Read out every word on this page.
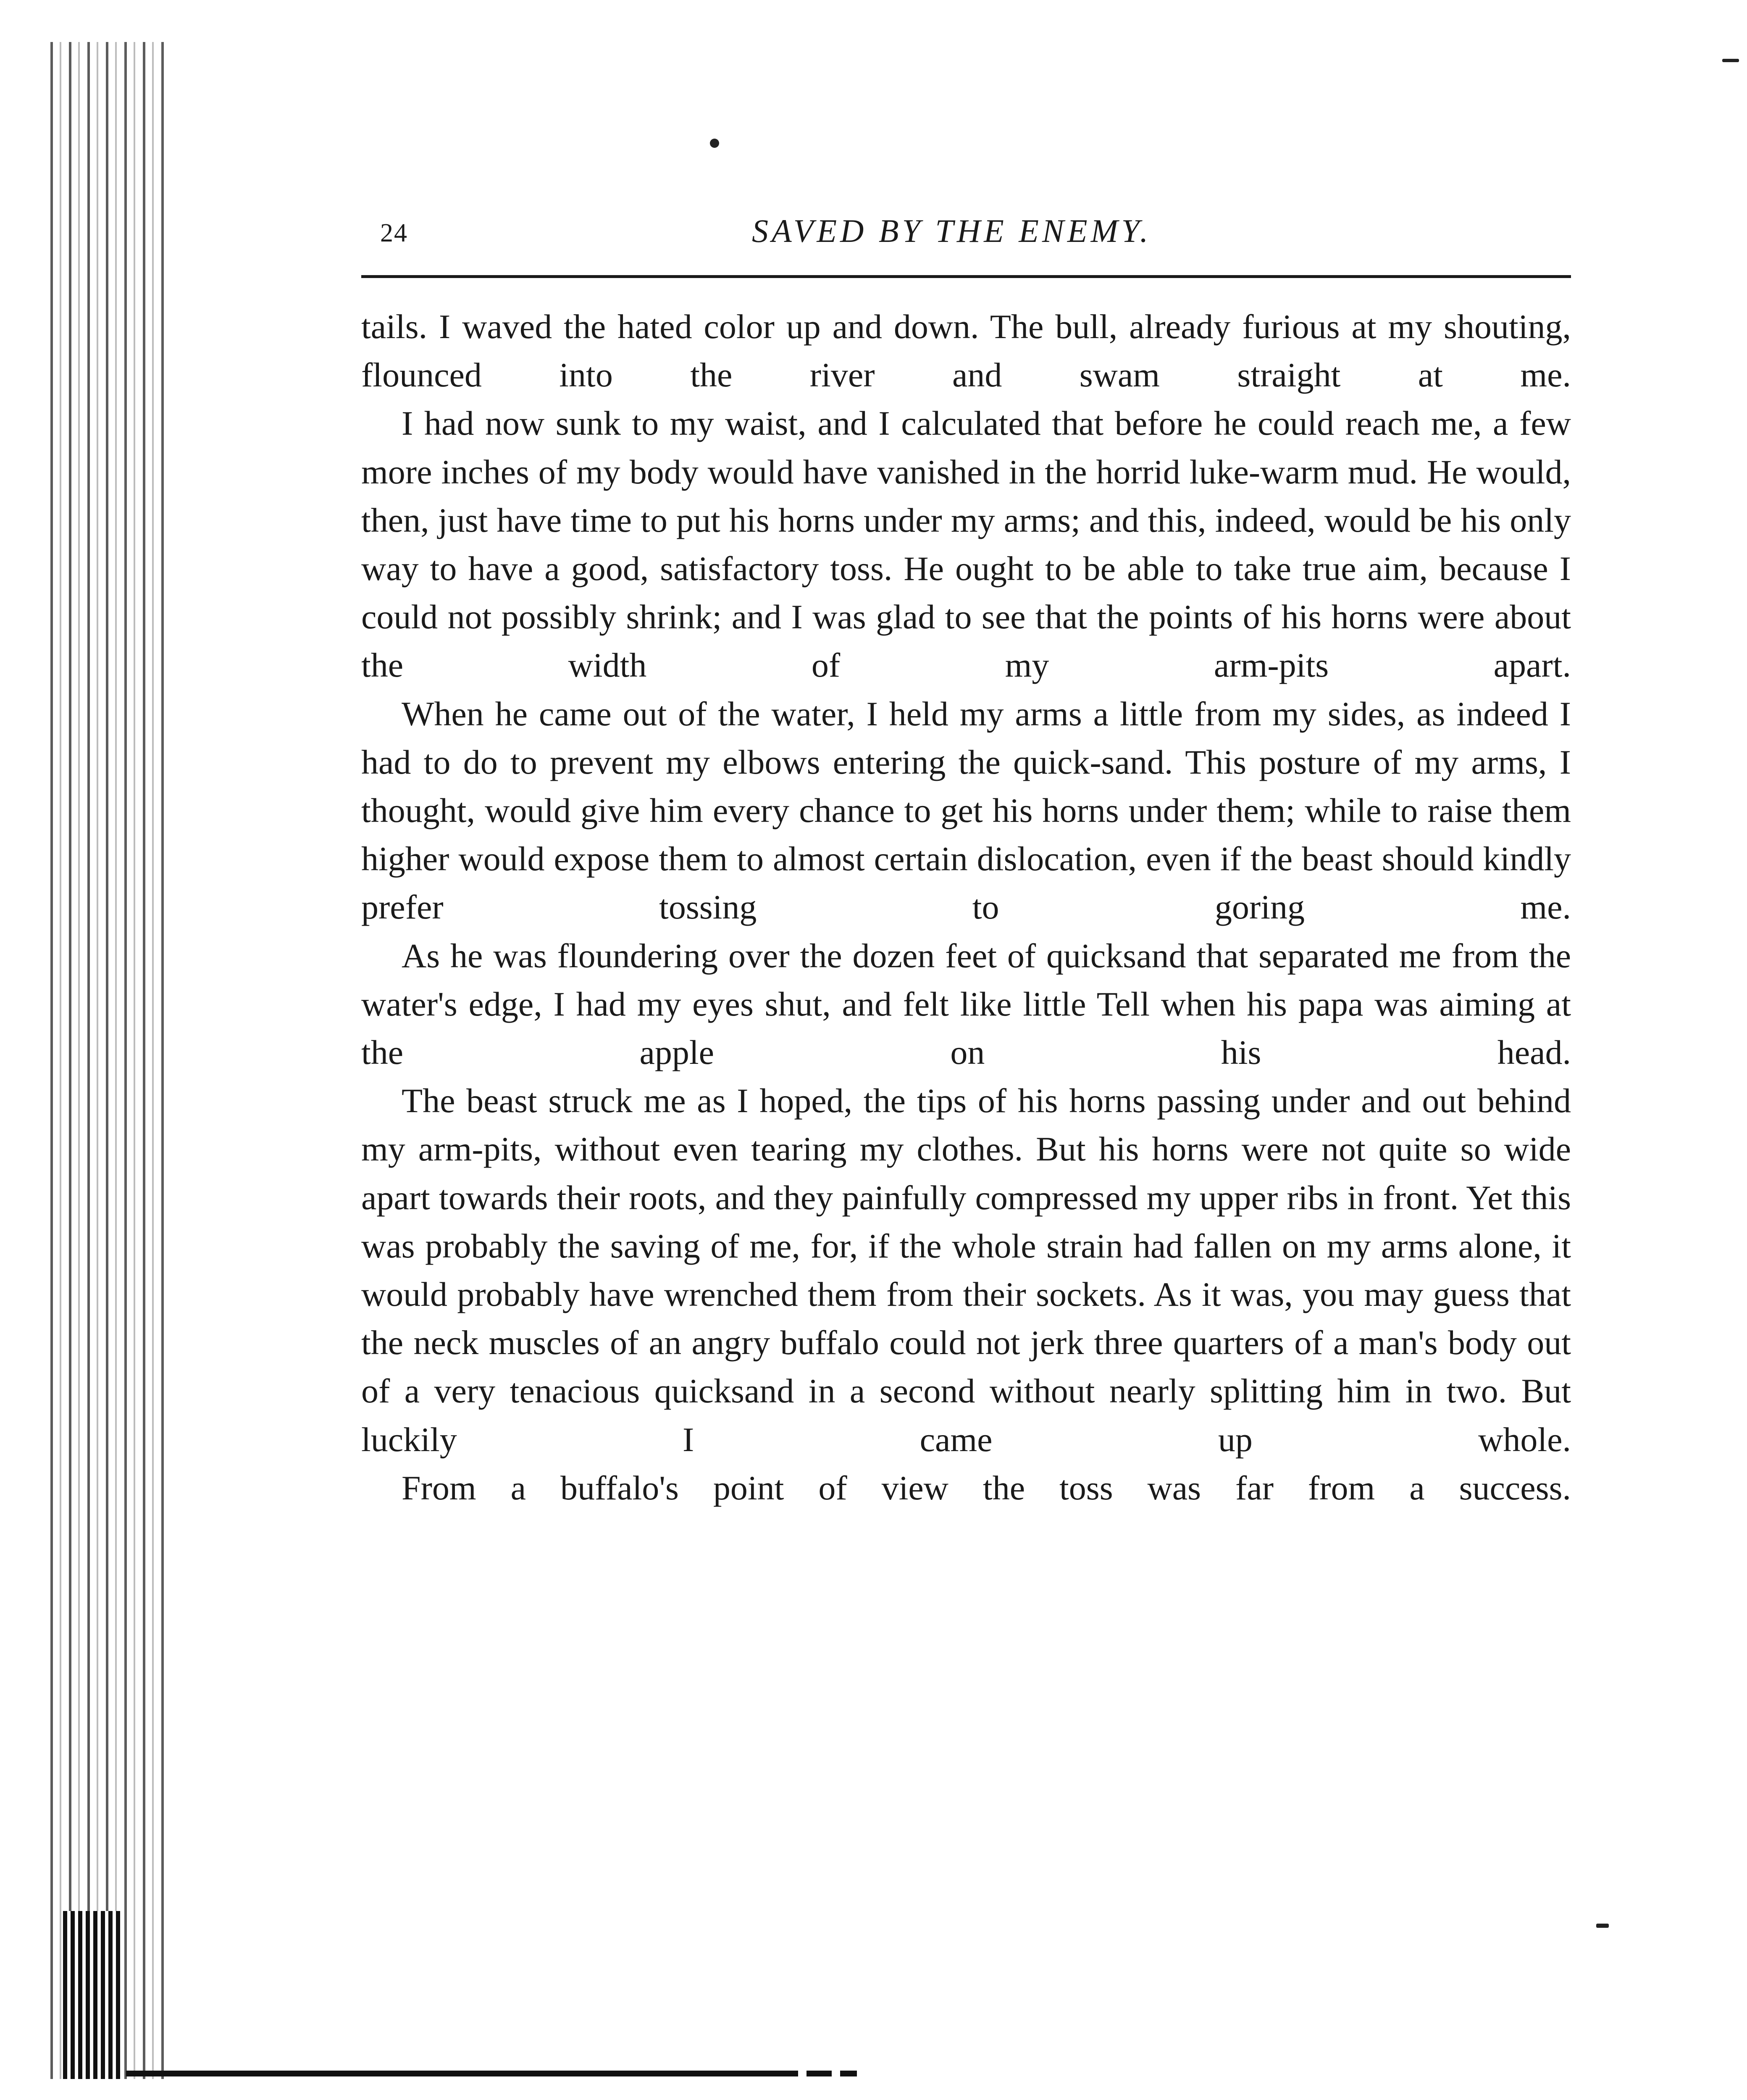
24	SAVED BY THE ENEMY.

tails. I waved the hated color up and down. The bull, already furious at my shouting, flounced into the river and swam straight at me.

I had now sunk to my waist, and I calculated that before he could reach me, a few more inches of my body would have vanished in the horrid luke-warm mud. He would, then, just have time to put his horns under my arms; and this, indeed, would be his only way to have a good, satisfactory toss. He ought to be able to take true aim, because I could not possibly shrink; and I was glad to see that the points of his horns were about the width of my arm-pits apart.

When he came out of the water, I held my arms a little from my sides, as indeed I had to do to prevent my elbows entering the quick-sand. This posture of my arms, I thought, would give him every chance to get his horns under them; while to raise them higher would expose them to almost certain dislocation, even if the beast should kindly prefer tossing to goring me.

As he was floundering over the dozen feet of quicksand that separated me from the water's edge, I had my eyes shut, and felt like little Tell when his papa was aiming at the apple on his head.

The beast struck me as I hoped, the tips of his horns passing under and out behind my arm-pits, without even tearing my clothes. But his horns were not quite so wide apart towards their roots, and they painfully compressed my upper ribs in front. Yet this was probably the saving of me, for, if the whole strain had fallen on my arms alone, it would probably have wrenched them from their sockets. As it was, you may guess that the neck muscles of an angry buffalo could not jerk three quarters of a man's body out of a very tenacious quicksand in a second without nearly splitting him in two. But luckily I came up whole.

From a buffalo's point of view the toss was far from a success.
